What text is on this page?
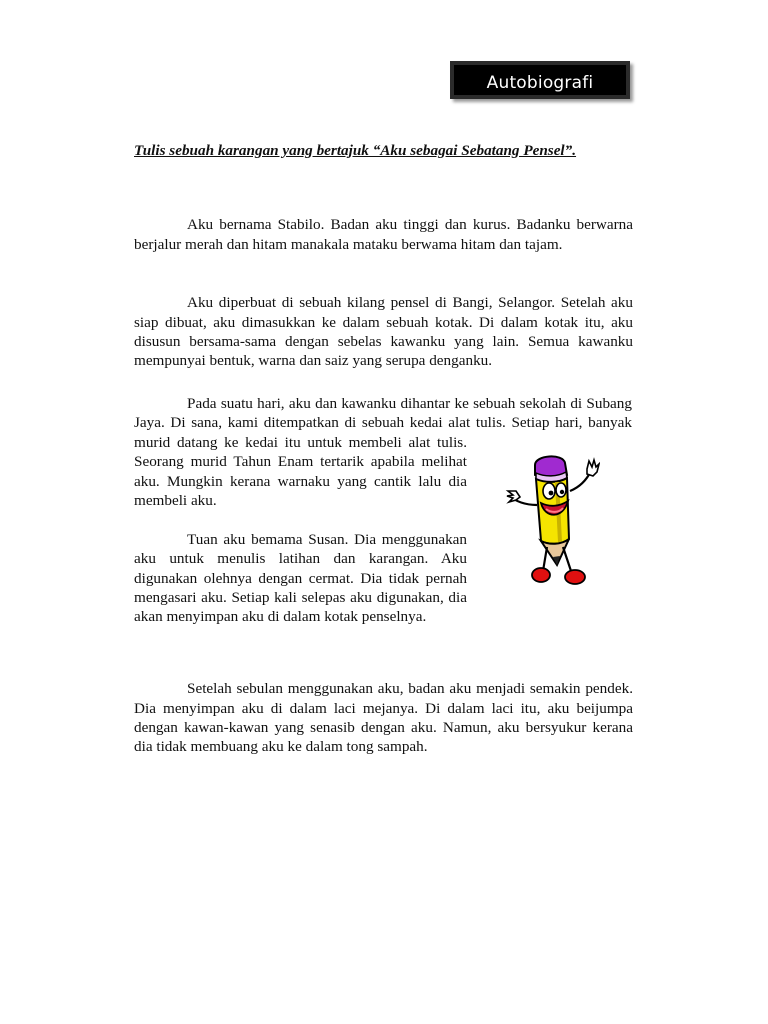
Autobiografi
Tulis sebuah karangan yang bertajuk “Aku sebagai Sebatang Pensel”.

Aku bernama Stabilo. Badan aku tinggi dan kurus. Badanku berwarna berjalur merah dan hitam manakala mataku berwama hitam dan tajam.

Aku diperbuat di sebuah kilang pensel di Bangi, Selangor. Setelah aku siap dibuat, aku dimasukkan ke dalam sebuah kotak. Di dalam kotak itu, aku disusun bersama-sama dengan sebelas kawanku yang lain. Semua kawanku mempunyai bentuk, warna dan saiz yang serupa denganku.

Pada suatu hari, aku dan kawanku dihantar ke sebuah sekolah di Subang Jaya. Di sana, kami ditempatkan di sebuah kedai alat tulis. Setiap hari, banyak murid datang ke kedai itu untuk membeli alat tulis. Seorang murid Tahun Enam tertarik apabila melihat aku. Mungkin kerana warnaku yang cantik lalu dia membeli aku.

Tuan aku bemama Susan. Dia menggunakan aku untuk menulis latihan dan karangan. Aku digunakan olehnya dengan cermat. Dia tidak pernah mengasari aku. Setiap kali selepas aku digunakan, dia akan menyimpan aku di dalam kotak penselnya.

Setelah sebulan menggunakan aku, badan aku menjadi semakin pendek. Dia menyimpan aku di dalam laci mejanya. Di dalam laci itu, aku beijumpa dengan kawan-kawan yang senasib dengan aku. Namun, aku bersyukur kerana dia tidak membuang aku ke dalam tong sampah.
